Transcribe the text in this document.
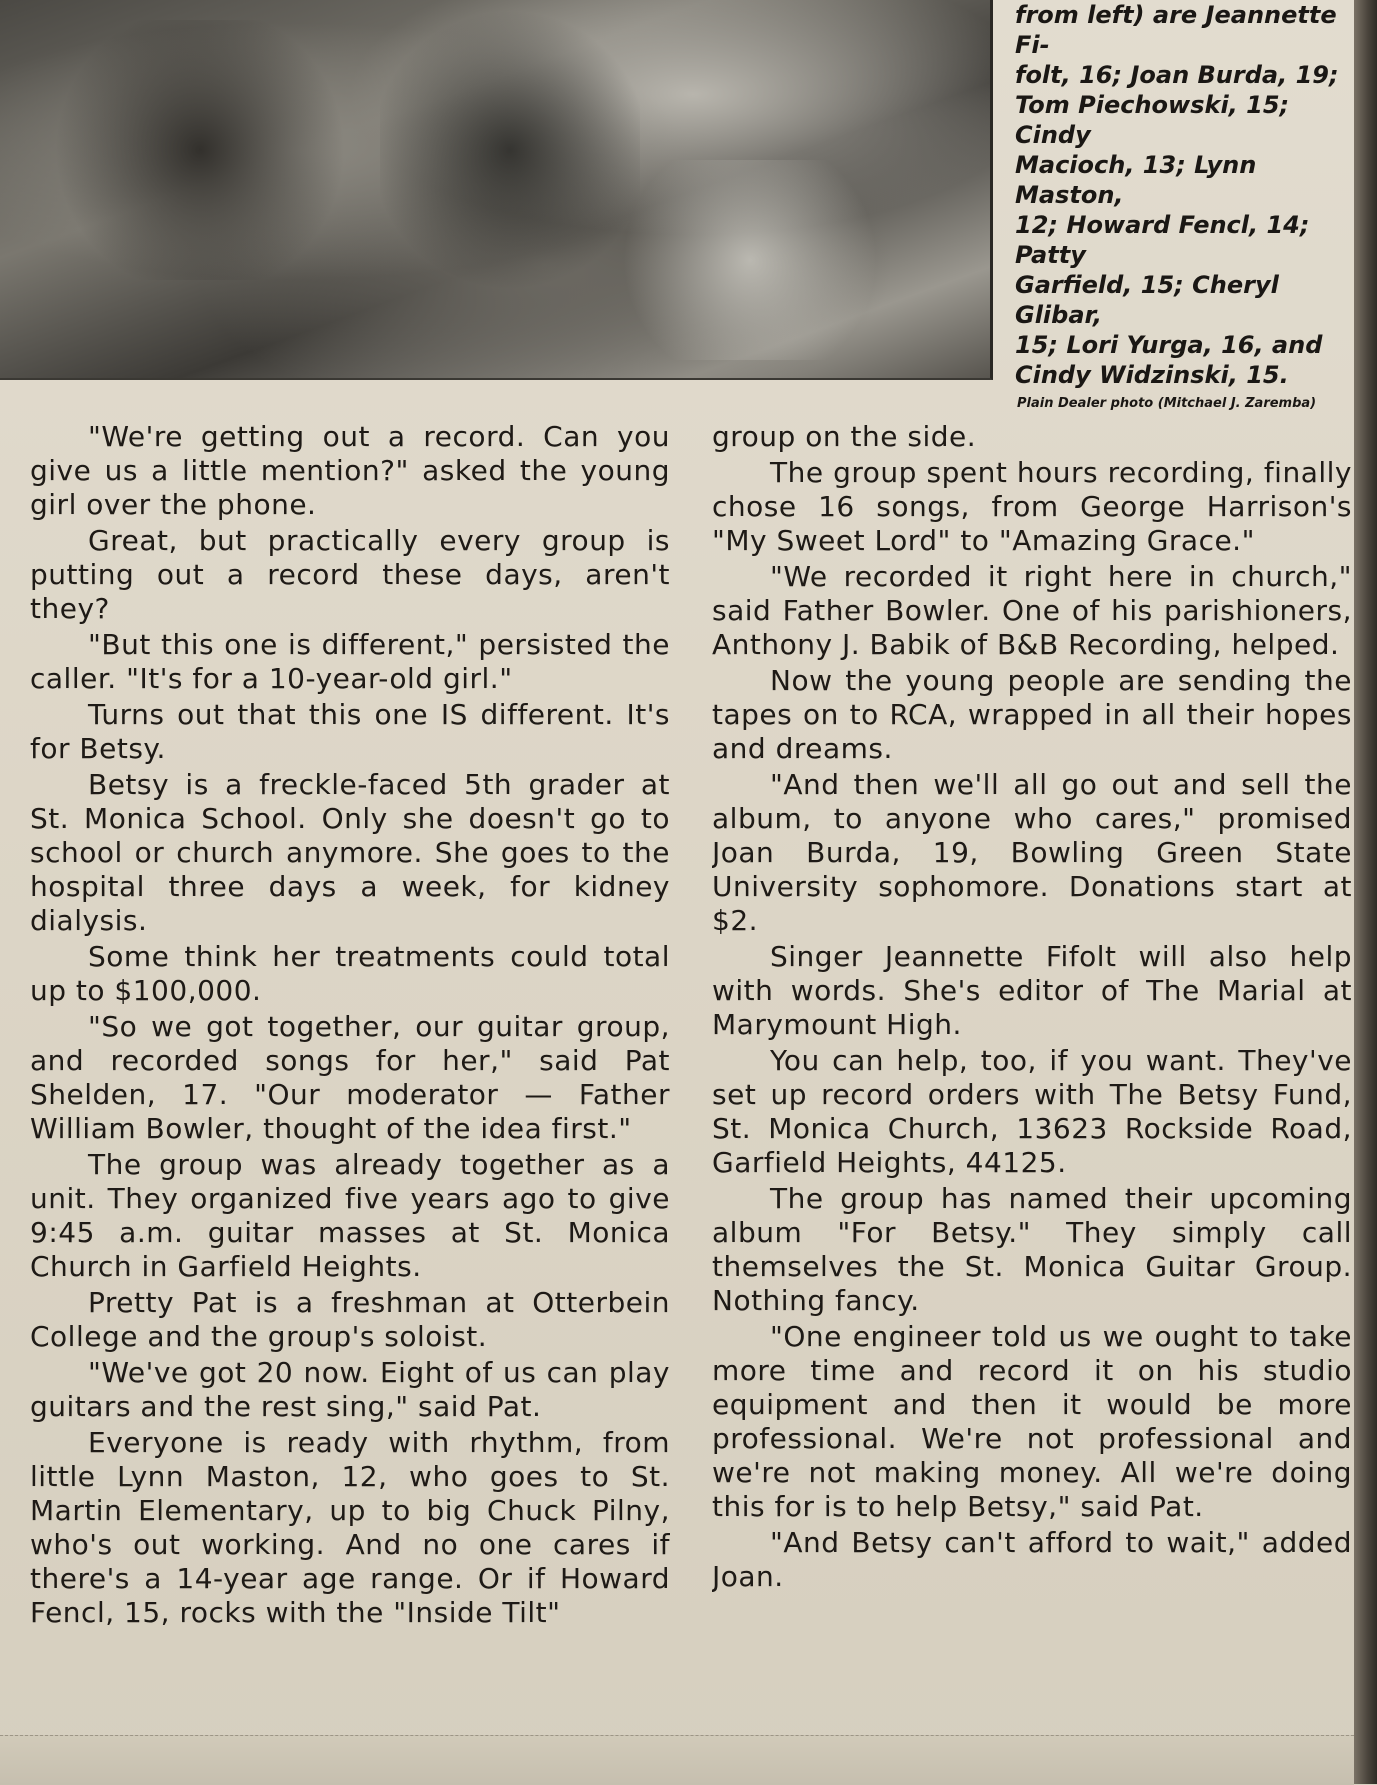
from left) are Jeannette Fi-

folt, 16; Joan Burda, 19;

Tom Piechowski, 15; Cindy

Macioch, 13; Lynn Maston,

12; Howard Fencl, 14; Patty

Garfield, 15; Cheryl Glibar,

15; Lori Yurga, 16, and

Cindy Widzinski, 15.

Plain Dealer photo (Mitchael J. Zaremba)

"We're getting out a record. Can you give us a little mention?" asked the young girl over the phone.

Great, but practically every group is putting out a record these days, aren't they?

"But this one is different," persisted the caller. "It's for a 10-year-old girl."

Turns out that this one IS different. It's for Betsy.

Betsy is a freckle-faced 5th grader at St. Monica School. Only she doesn't go to school or church anymore. She goes to the hospital three days a week, for kidney dialysis.

Some think her treatments could total up to $100,000.

"So we got together, our guitar group, and recorded songs for her," said Pat Shelden, 17. "Our moderator — Father William Bowler, thought of the idea first."

The group was already together as a unit. They organized five years ago to give 9:45 a.m. guitar masses at St. Monica Church in Garfield Heights.

Pretty Pat is a freshman at Otterbein College and the group's soloist.

"We've got 20 now. Eight of us can play guitars and the rest sing," said Pat.

Everyone is ready with rhythm, from little Lynn Maston, 12, who goes to St. Martin Elementary, up to big Chuck Pilny, who's out working. And no one cares if there's a 14-year age range. Or if Howard Fencl, 15, rocks with the "Inside Tilt"

group on the side.

The group spent hours recording, finally chose 16 songs, from George Harrison's "My Sweet Lord" to "Amazing Grace."

"We recorded it right here in church," said Father Bowler. One of his parishioners, Anthony J. Babik of B&B Recording, helped.

Now the young people are sending the tapes on to RCA, wrapped in all their hopes and dreams.

"And then we'll all go out and sell the album, to anyone who cares," promised Joan Burda, 19, Bowling Green State University sophomore. Donations start at $2.

Singer Jeannette Fifolt will also help with words. She's editor of The Marial at Marymount High.

You can help, too, if you want. They've set up record orders with The Betsy Fund, St. Monica Church, 13623 Rockside Road, Garfield Heights, 44125.

The group has named their upcoming album "For Betsy." They simply call themselves the St. Monica Guitar Group. Nothing fancy.

"One engineer told us we ought to take more time and record it on his studio equipment and then it would be more professional. We're not professional and we're not making money. All we're doing this for is to help Betsy," said Pat.

"And Betsy can't afford to wait," added Joan.
